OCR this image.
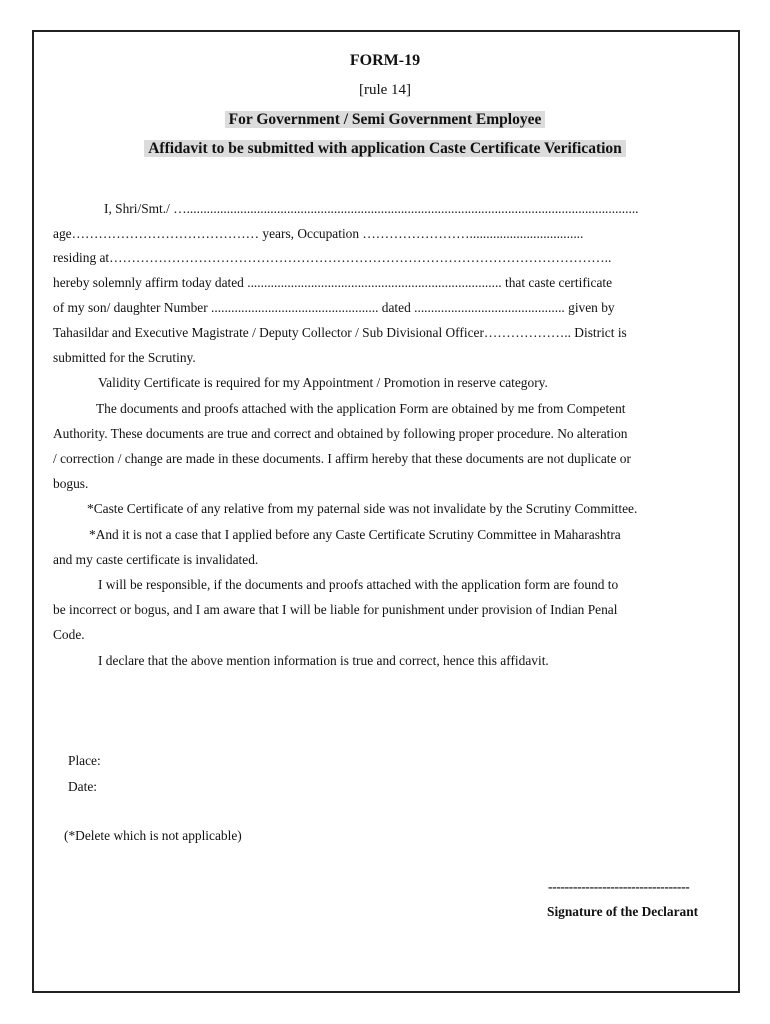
FORM-19
[rule 14]
For Government / Semi Government Employee
Affidavit to be submitted with application Caste Certificate Verification
I, Shri/Smt./ ….......................................................................................................................................
age…………………………………… years, Occupation ……………………..................................
residing at…………………………………………………………………………………………………..
hereby solemnly affirm today dated ............................................................................ that caste certificate
of my son/ daughter Number .................................................. dated ............................................. given by
Tahasildar and Executive Magistrate / Deputy Collector / Sub Divisional Officer……………….. District is
submitted for the Scrutiny.
Validity Certificate is required for my Appointment / Promotion in reserve category.
The documents and proofs attached with the application Form are obtained by me from Competent
Authority. These documents are true and correct and obtained by following proper procedure. No alteration
/ correction / change are made in these documents. I affirm hereby that these documents are not duplicate or
bogus.
*Caste Certificate of any relative from my paternal side was not invalidate by the Scrutiny Committee.
*And it is not a case that I applied before any Caste Certificate Scrutiny Committee in Maharashtra
and my caste certificate is invalidated.
I will be responsible, if the documents and proofs attached with the application form are found to
be incorrect or bogus, and I am aware that I will be liable for punishment under provision of Indian Penal
Code.
I declare that the above mention information is true and correct, hence this affidavit.
Place:
Date:
(*Delete which is not applicable)
----------------------------------
Signature of the Declarant
